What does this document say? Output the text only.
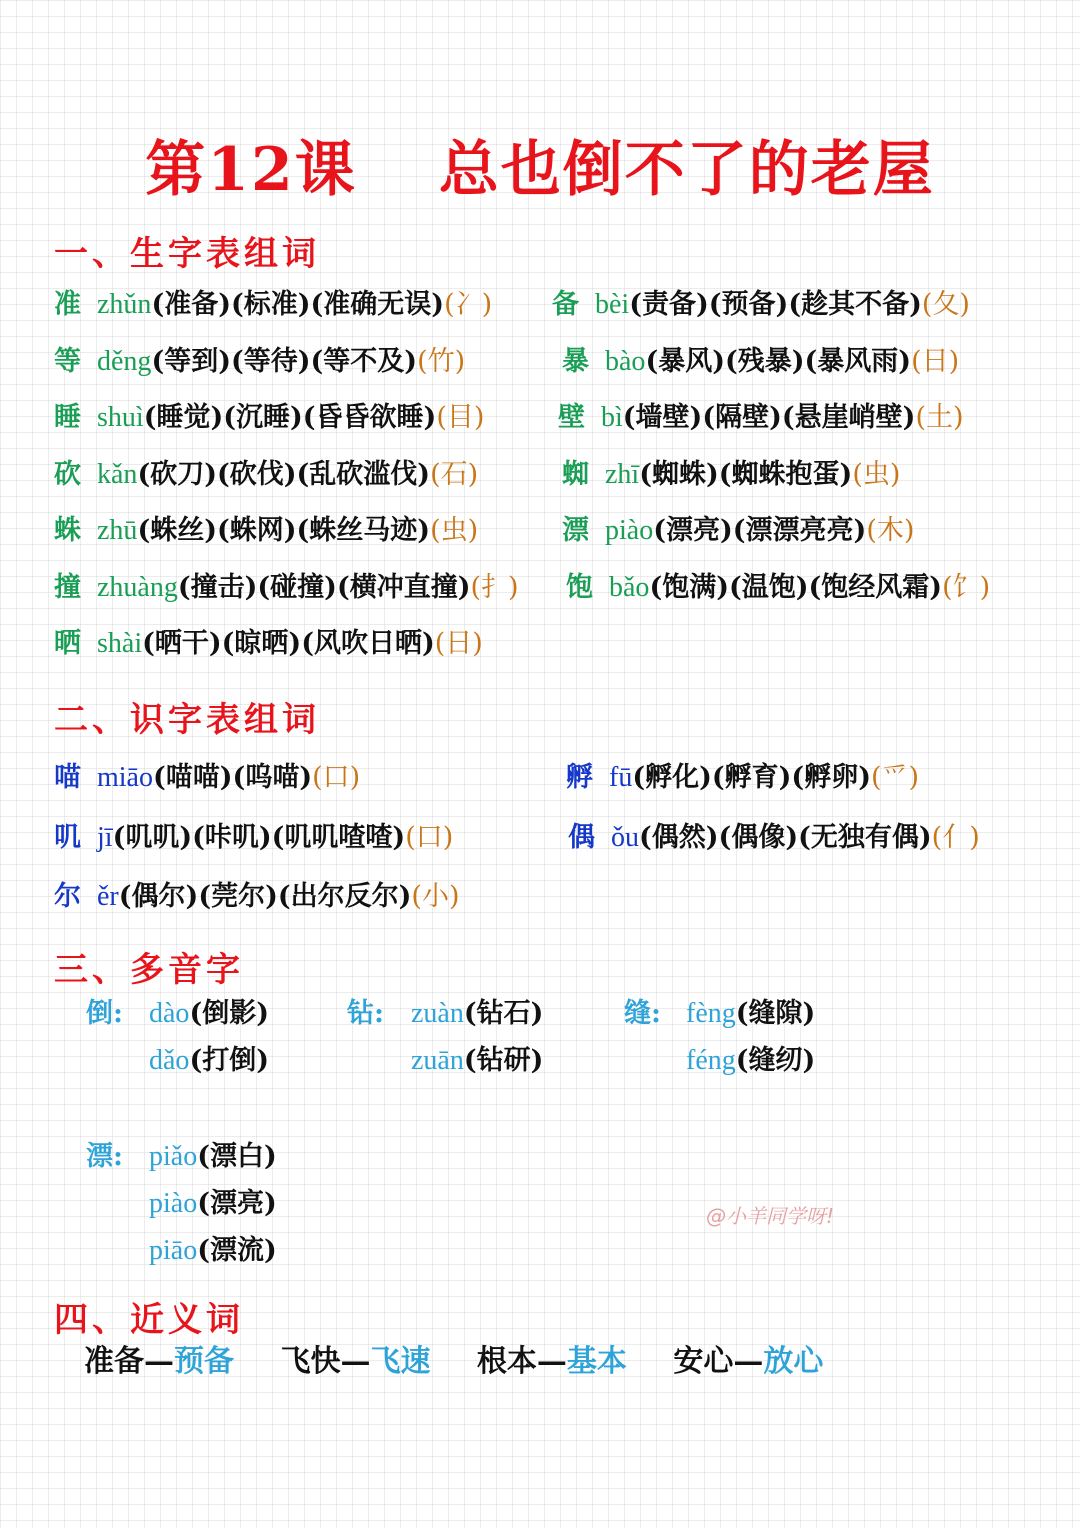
第12课 总也倒不了的老屋
一、生字表组词
准 zhǔn(准备)(标准)(准确无误)(冫) 备 bèi(责备)(预备)(趁其不备)(夂)
等 děng(等到)(等待)(等不及)(竹)	暴 bào(暴风)(残暴)(暴风雨)(日)
睡 shuì(睡觉)(沉睡)(昏昏欲睡)(目)	壁 bì(墙壁)(隔壁)(悬崖峭壁)(土)
砍 kǎn(砍刀)(砍伐)(乱砍滥伐)(石)	蜘 zhī(蜘蛛)(蜘蛛抱蛋)(虫)
蛛 zhū(蛛丝)(蛛网)(蛛丝马迹)(虫)	漂 piào(漂亮)(漂漂亮亮)(木)
撞 zhuàng(撞击)(碰撞)(横冲直撞)(扌) 饱 bǎo(饱满)(温饱)(饱经风霜)(饣)
晒 shài(晒干)(晾晒)(风吹日晒)(日)
二、识字表组词
喵 miāo(喵喵)(呜喵)(口)	孵 fū(孵化)(孵育)(孵卵)(爫)
叽 jī(叽叽)(咔叽)(叽叽喳喳)(口)	偶 ǒu(偶然)(偶像)(无独有偶)(亻)
尔 ěr(偶尔)(莞尔)(出尔反尔)(小)
三、多音字
倒: dào(倒影)
dǎo(打倒)
钻: zuàn(钻石)
zuān(钻研)
缝: fèng(缝隙)
féng(缝纫)
漂: piǎo(漂白)
piào(漂亮)
piāo(漂流)
@小羊同学呀!
四、近义词
准备—预备 飞快—飞速 根本—基本 安心—放心
